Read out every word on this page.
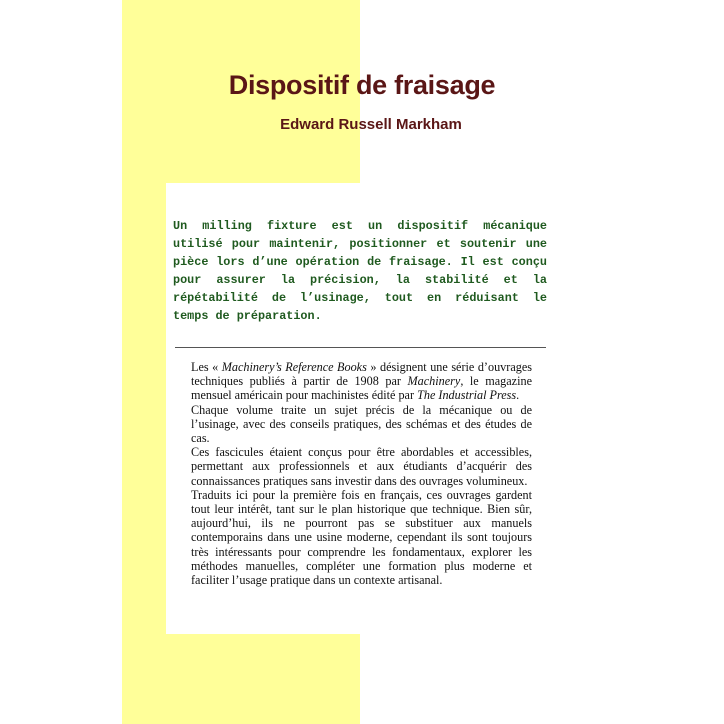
Dispositif de fraisage
Edward Russell Markham
Un milling fixture est un dispositif mécanique utilisé pour maintenir, positionner et soutenir une pièce lors d’une opération de fraisage. Il est conçu pour assurer la précision, la stabilité et la répétabilité de l’usinage, tout en réduisant le temps de préparation.

Les « Machinery’s Reference Books » désignent une série d’ouvrages techniques publiés à partir de 1908 par Machinery, le magazine mensuel américain pour machinistes édité par The Industrial Press.

Chaque volume traite un sujet précis de la mécanique ou de l’usinage, avec des conseils pratiques, des schémas et des études de cas.

Ces fascicules étaient conçus pour être abordables et accessibles, permettant aux professionnels et aux étudiants d’acquérir des connaissances pratiques sans investir dans des ouvrages volumineux.

Traduits ici pour la première fois en français, ces ouvrages gardent tout leur intérêt, tant sur le plan historique que technique. Bien sûr, aujourd’hui, ils ne pourront pas se substituer aux manuels contemporains dans une usine moderne, cependant ils sont toujours très intéressants pour comprendre les fondamentaux, explorer les méthodes manuelles, compléter une formation plus moderne et faciliter l’usage pratique dans un contexte artisanal.
